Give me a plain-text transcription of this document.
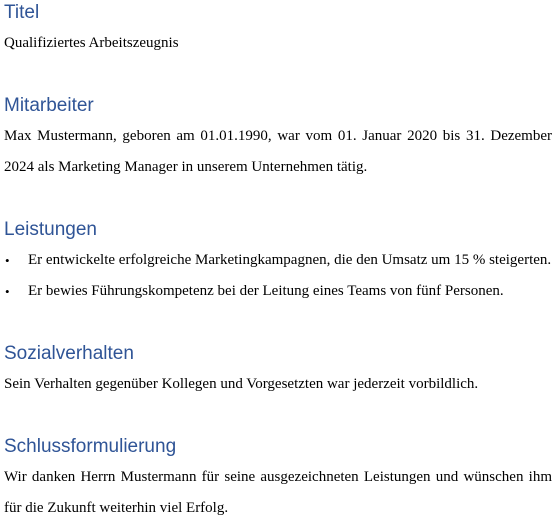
Titel

Qualifiziertes Arbeitszeugnis

Mitarbeiter

Max Mustermann, geboren am 01.01.1990, war vom 01. Januar 2020 bis 31. Dezember 2024 als Marketing Manager in unserem Unternehmen tätig.

Leistungen
• Er entwickelte erfolgreiche Marketingkampagnen, die den Umsatz um 15 % steigerten.
• Er bewies Führungskompetenz bei der Leitung eines Teams von fünf Personen.
Sozialverhalten

Sein Verhalten gegenüber Kollegen und Vorgesetzten war jederzeit vorbildlich.

Schlussformulierung

Wir danken Herrn Mustermann für seine ausgezeichneten Leistungen und wünschen ihm für die Zukunft weiterhin viel Erfolg.
